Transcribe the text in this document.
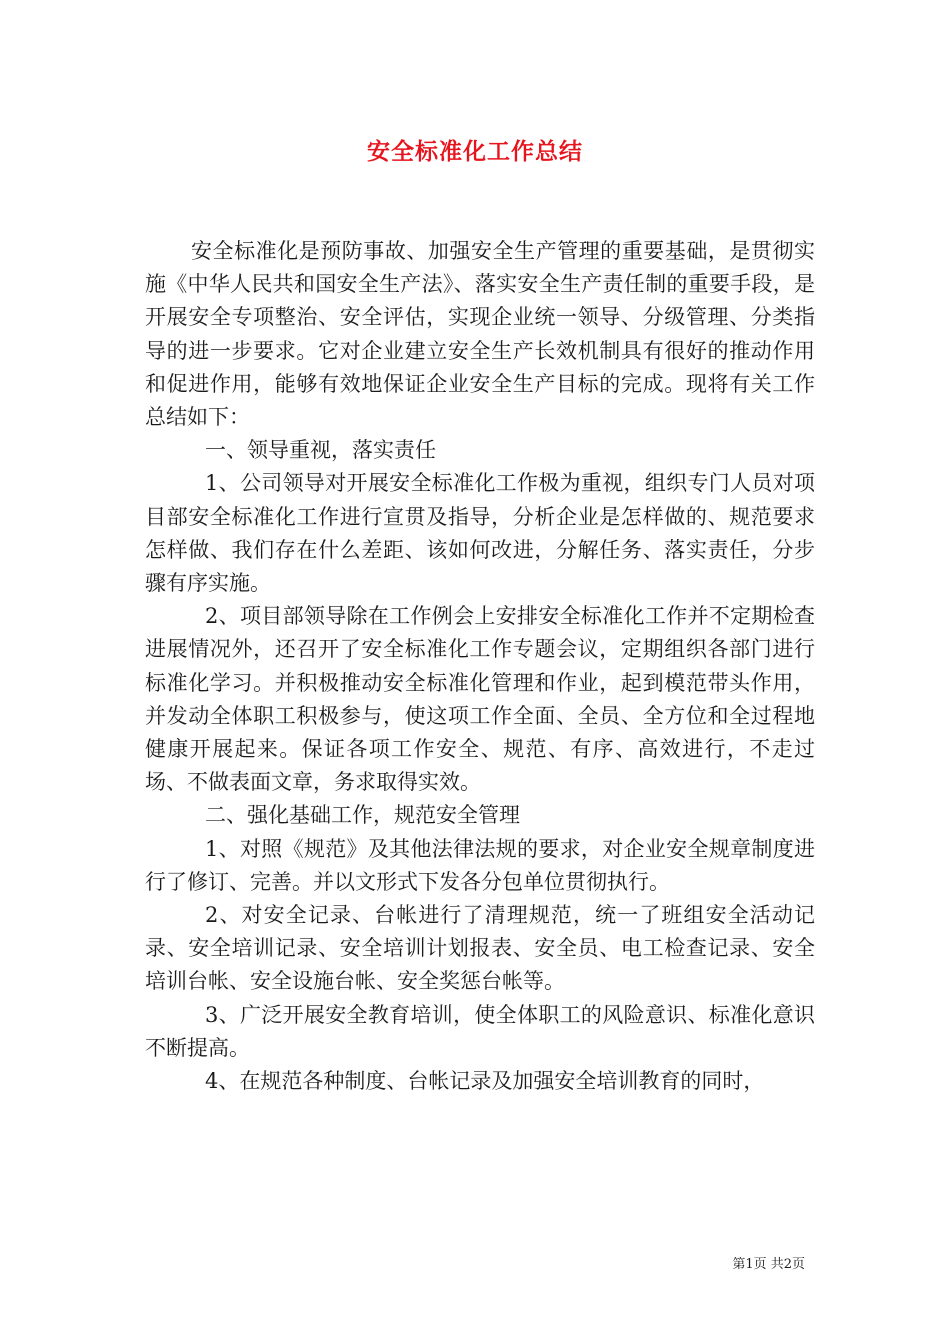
安全标准化工作总结

安全标准化是预防事故、加强安全生产管理的重要基础，是贯彻实施《中华人民共和国安全生产法》、落实安全生产责任制的重要手段，是开展安全专项整治、安全评估，实现企业统一领导、分级管理、分类指导的进一步要求。它对企业建立安全生产长效机制具有很好的推动作用和促进作用，能够有效地保证企业安全生产目标的完成。现将有关工作总结如下：

一、领导重视，落实责任

1、公司领导对开展安全标准化工作极为重视，组织专门人员对项目部安全标准化工作进行宣贯及指导，分析企业是怎样做的、规范要求怎样做、我们存在什么差距、该如何改进，分解任务、落实责任，分步骤有序实施。

2、项目部领导除在工作例会上安排安全标准化工作并不定期检查进展情况外，还召开了安全标准化工作专题会议，定期组织各部门进行标准化学习。并积极推动安全标准化管理和作业，起到模范带头作用，并发动全体职工积极参与，使这项工作全面、全员、全方位和全过程地健康开展起来。保证各项工作安全、规范、有序、高效进行，不走过场、不做表面文章，务求取得实效。

二、强化基础工作，规范安全管理

1、对照《规范》及其他法律法规的要求，对企业安全规章制度进行了修订、完善。并以文形式下发各分包单位贯彻执行。

2、对安全记录、台帐进行了清理规范，统一了班组安全活动记录、安全培训记录、安全培训计划报表、安全员、电工检查记录、安全培训台帐、安全设施台帐、安全奖惩台帐等。

3、广泛开展安全教育培训，使全体职工的风险意识、标准化意识不断提高。

4、在规范各种制度、台帐记录及加强安全培训教育的同时，

第1页 共2页
